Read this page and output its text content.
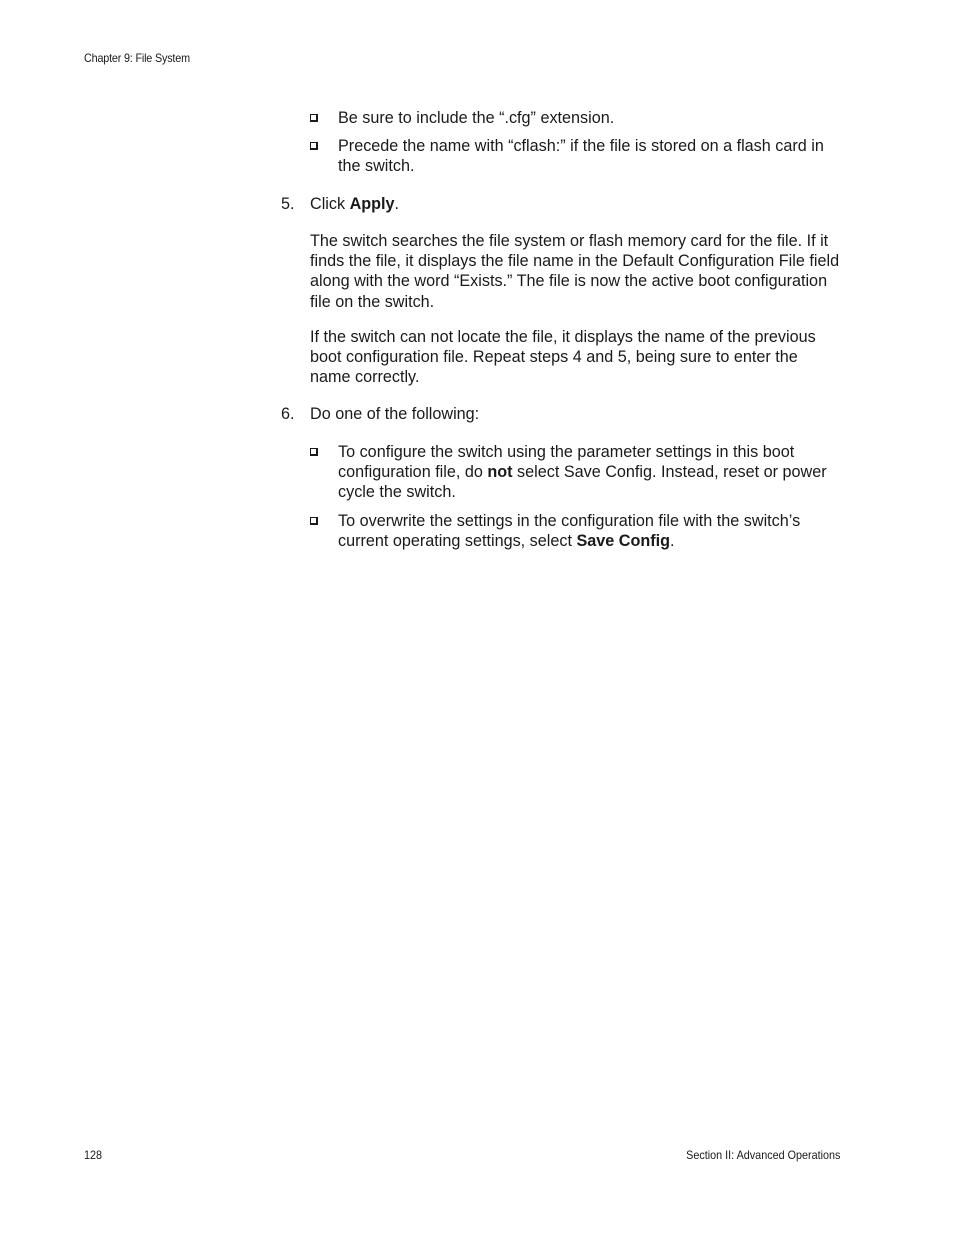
Chapter 9: File System
Be sure to include the “.cfg” extension.
Precede the name with “cflash:” if the file is stored on a flash card in the switch.
5. Click Apply.
The switch searches the file system or flash memory card for the file. If it finds the file, it displays the file name in the Default Configuration File field along with the word “Exists.” The file is now the active boot configuration file on the switch.
If the switch can not locate the file, it displays the name of the previous boot configuration file. Repeat steps 4 and 5, being sure to enter the name correctly.
6. Do one of the following:
To configure the switch using the parameter settings in this boot configuration file, do not select Save Config. Instead, reset or power cycle the switch.
To overwrite the settings in the configuration file with the switch’s current operating settings, select Save Config.
128	Section II: Advanced Operations
